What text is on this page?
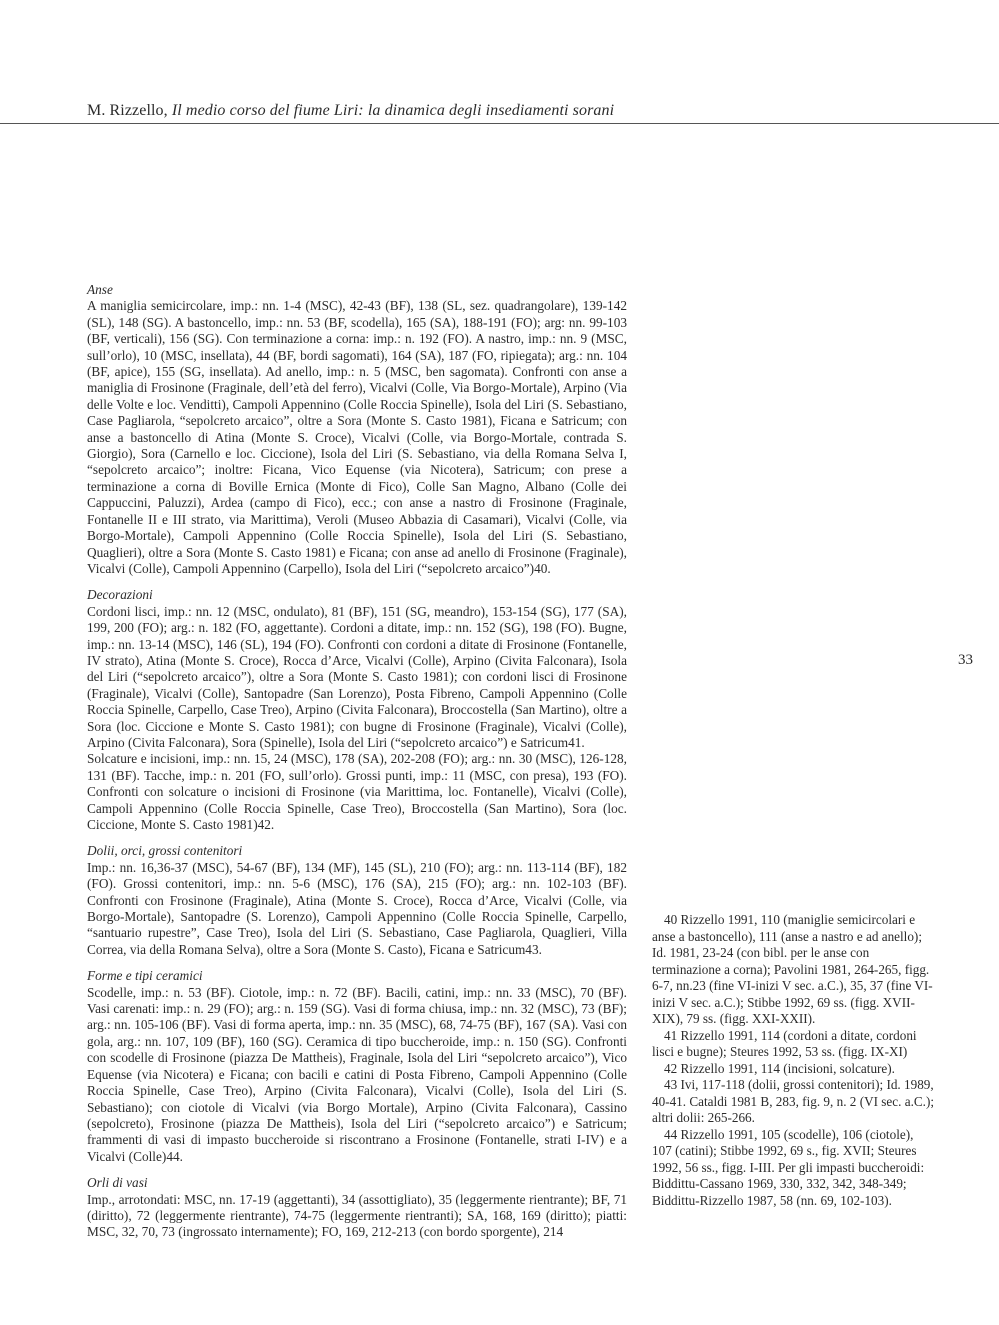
M. Rizzello, Il medio corso del fiume Liri: la dinamica degli insediamenti sorani

Anse

A maniglia semicircolare, imp.: nn. 1-4 (MSC), 42-43 (BF), 138 (SL, sez. quadrangolare), 139-142 (SL), 148 (SG). A bastoncello, imp.: nn. 53 (BF, scodella), 165 (SA), 188-191 (FO); arg: nn. 99-103 (BF, verticali), 156 (SG). Con terminazione a corna: imp.: n. 192 (FO). A nastro, imp.: nn. 9 (MSC, sull’orlo), 10 (MSC, insellata), 44 (BF, bordi sagomati), 164 (SA), 187 (FO, ripiegata); arg.: nn. 104 (BF, apice), 155 (SG, insellata). Ad anello, imp.: n. 5 (MSC, ben sagomata). Confronti con anse a maniglia di Frosinone (Fraginale, dell’età del ferro), Vicalvi (Colle, Via Borgo-Mortale), Arpino (Via delle Volte e loc. Venditti), Campoli Appennino (Colle Roccia Spinelle), Isola del Liri (S. Sebastiano, Case Pagliarola, “sepolcreto arcaico”, oltre a Sora (Monte S. Casto 1981), Ficana e Satricum; con anse a bastoncello di Atina (Monte S. Croce), Vicalvi (Colle, via Borgo-Mortale, contrada S. Giorgio), Sora (Carnello e loc. Ciccione), Isola del Liri (S. Sebastiano, via della Romana Selva I, “sepolcreto arcaico”; inoltre: Ficana, Vico Equense (via Nicotera), Satricum; con prese a terminazione a corna di Boville Ernica (Monte di Fico), Colle San Magno, Albano (Colle dei Cappuccini, Paluzzi), Ardea (campo di Fico), ecc.; con anse a nastro di Frosinone (Fraginale, Fontanelle II e III strato, via Marittima), Veroli (Museo Abbazia di Casamari), Vicalvi (Colle, via Borgo-Mortale), Campoli Appennino (Colle Roccia Spinelle), Isola del Liri (S. Sebastiano, Quaglieri), oltre a Sora (Monte S. Casto 1981) e Ficana; con anse ad anello di Frosinone (Fraginale), Vicalvi (Colle), Campoli Appennino (Carpello), Isola del Liri (“sepolcreto arcaico”)40.

Decorazioni

Cordoni lisci, imp.: nn. 12 (MSC, ondulato), 81 (BF), 151 (SG, meandro), 153-154 (SG), 177 (SA), 199, 200 (FO); arg.: n. 182 (FO, aggettante). Cordoni a ditate, imp.: nn. 152 (SG), 198 (FO). Bugne, imp.: nn. 13-14 (MSC), 146 (SL), 194 (FO). Confronti con cordoni a ditate di Frosinone (Fontanelle, IV strato), Atina (Monte S. Croce), Rocca d’Arce, Vicalvi (Colle), Arpino (Civita Falconara), Isola del Liri (“sepolcreto arcaico”), oltre a Sora (Monte S. Casto 1981); con cordoni lisci di Frosinone (Fraginale), Vicalvi (Colle), Santopadre (San Lorenzo), Posta Fibreno, Campoli Appennino (Colle Roccia Spinelle, Carpello, Case Treo), Arpino (Civita Falconara), Broccostella (San Martino), oltre a Sora (loc. Ciccione e Monte S. Casto 1981); con bugne di Frosinone (Fraginale), Vicalvi (Colle), Arpino (Civita Falconara), Sora (Spinelle), Isola del Liri (“sepolcreto arcaico”) e Satricum41.

Solcature e incisioni, imp.: nn. 15, 24 (MSC), 178 (SA), 202-208 (FO); arg.: nn. 30 (MSC), 126-128, 131 (BF). Tacche, imp.: n. 201 (FO, sull’orlo). Grossi punti, imp.: 11 (MSC, con presa), 193 (FO). Confronti con solcature o incisioni di Frosinone (via Marittima, loc. Fontanelle), Vicalvi (Colle), Campoli Appennino (Colle Roccia Spinelle, Case Treo), Broccostella (San Martino), Sora (loc. Ciccione, Monte S. Casto 1981)42.

Dolii, orci, grossi contenitori

Imp.: nn. 16,36-37 (MSC), 54-67 (BF), 134 (MF), 145 (SL), 210 (FO); arg.: nn. 113-114 (BF), 182 (FO). Grossi contenitori, imp.: nn. 5-6 (MSC), 176 (SA), 215 (FO); arg.: nn. 102-103 (BF). Confronti con Frosinone (Fraginale), Atina (Monte S. Croce), Rocca d’Arce, Vicalvi (Colle, via Borgo-Mortale), Santopadre (S. Lorenzo), Campoli Appennino (Colle Roccia Spinelle, Carpello, “santuario rupestre”, Case Treo), Isola del Liri (S. Sebastiano, Case Pagliarola, Quaglieri, Villa Correa, via della Romana Selva), oltre a Sora (Monte S. Casto), Ficana e Satricum43.

Forme e tipi ceramici

Scodelle, imp.: n. 53 (BF). Ciotole, imp.: n. 72 (BF). Bacili, catini, imp.: nn. 33 (MSC), 70 (BF). Vasi carenati: imp.: n. 29 (FO); arg.: n. 159 (SG). Vasi di forma chiusa, imp.: nn. 32 (MSC), 73 (BF); arg.: nn. 105-106 (BF). Vasi di forma aperta, imp.: nn. 35 (MSC), 68, 74-75 (BF), 167 (SA). Vasi con gola, arg.: nn. 107, 109 (BF), 160 (SG). Ceramica di tipo buccheroide, imp.: n. 150 (SG). Confronti con scodelle di Frosinone (piazza De Mattheis), Fraginale, Isola del Liri “sepolcreto arcaico”), Vico Equense (via Nicotera) e Ficana; con bacili e catini di Posta Fibreno, Campoli Appennino (Colle Roccia Spinelle, Case Treo), Arpino (Civita Falconara), Vicalvi (Colle), Isola del Liri (S. Sebastiano); con ciotole di Vicalvi (via Borgo Mortale), Arpino (Civita Falconara), Cassino (sepolcreto), Frosinone (piazza De Mattheis), Isola del Liri (“sepolcreto arcaico”) e Satricum; frammenti di vasi di impasto buccheroide si riscontrano a Frosinone (Fontanelle, strati I-IV) e a Vicalvi (Colle)44.

Orli di vasi

Imp., arrotondati: MSC, nn. 17-19 (aggettanti), 34 (assottigliato), 35 (leggermente rientrante); BF, 71 (diritto), 72 (leggermente rientrante), 74-75 (leggermente rientranti); SA, 168, 169 (diritto); piatti: MSC, 32, 70, 73 (ingrossato internamente); FO, 169, 212-213 (con bordo sporgente), 214

33

40 Rizzello 1991, 110 (maniglie semicircolari e anse a bastoncello), 111 (anse a nastro e ad anello); Id. 1981, 23-24 (con bibl. per le anse con terminazione a corna); Pavolini 1981, 264-265, figg. 6-7, nn.23 (fine VI-inizi V sec. a.C.), 35, 37 (fine VI-inizi V sec. a.C.); Stibbe 1992, 69 ss. (figg. XVII-XIX), 79 ss. (figg. XXI-XXII).

41 Rizzello 1991, 114 (cordoni a ditate, cordoni lisci e bugne); Steures 1992, 53 ss. (figg. IX-XI)

42 Rizzello 1991, 114 (incisioni, solcature).

43 Ivi, 117-118 (dolii, grossi contenitori); Id. 1989, 40-41. Cataldi 1981 B, 283, fig. 9, n. 2 (VI sec. a.C.); altri dolii: 265-266.

44 Rizzello 1991, 105 (scodelle), 106 (ciotole), 107 (catini); Stibbe 1992, 69 s., fig. XVII; Steures 1992, 56 ss., figg. I-III. Per gli impasti buccheroidi: Biddittu-Cassano 1969, 330, 332, 342, 348-349; Biddittu-Rizzello 1987, 58 (nn. 69, 102-103).
